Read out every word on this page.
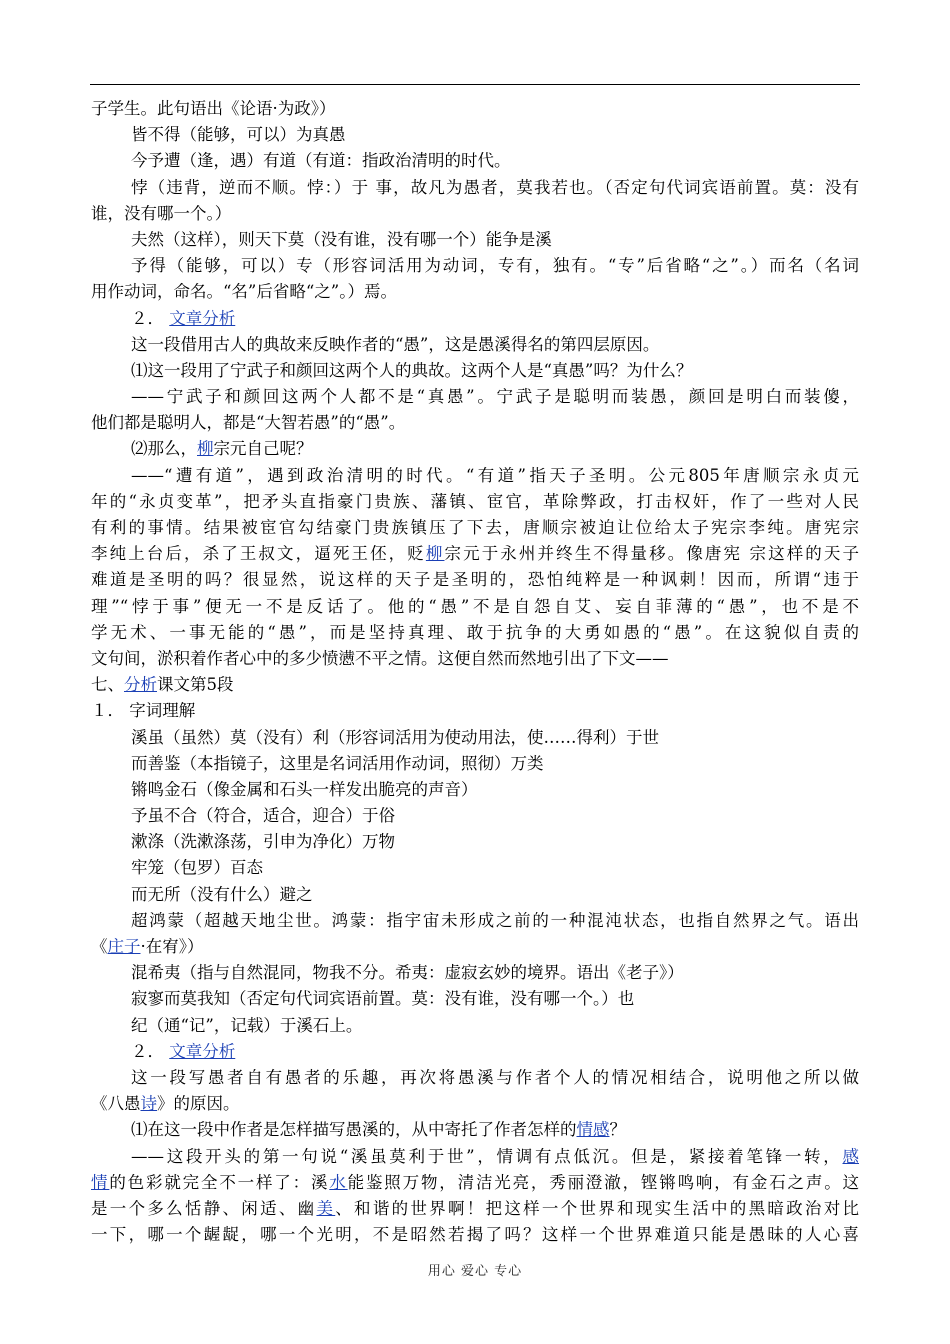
子学生。此句语出《论语·为政》）
皆不得（能够，可以）为真愚
今予遭（逢，遇）有道（有道：指政治清明的时代。
悖（违背，逆而不顺。悖：）于 事，故凡为愚者，莫我若也。（否定句代词宾语前置。莫：没有
谁，没有哪一个。）
夫然（这样），则天下莫（没有谁，没有哪一个）能争是溪
予得（能够，可以）专（形容词活用为动词，专有，独有。“专”后省略“之”。）而名（名词
用作动词，命名。“名”后省略“之”。）焉。
２． 文章分析
这一段借用古人的典故来反映作者的“愚”，这是愚溪得名的第四层原因。
⑴这一段用了宁武子和颜回这两个人的典故。这两个人是“真愚”吗？为什么？
——宁武子和颜回这两个人都不是“真愚”。宁武子是聪明而装愚，颜回是明白而装傻，
他们都是聪明人，都是“大智若愚”的“愚”。
⑵那么，柳宗元自己呢？
——“遭有道”，遇到政治清明的时代。“有道”指天子圣明。公元805年唐顺宗永贞元
年的“永贞变革”，把矛头直指豪门贵族、藩镇、宦官，革除弊政，打击权奸，作了一些对人民
有利的事情。结果被宦官勾结豪门贵族镇压了下去，唐顺宗被迫让位给太子宪宗李纯。唐宪宗
李纯上台后，杀了王叔文，逼死王伾，贬柳宗元于永州并终生不得量移。像唐宪 宗这样的天子
难道是圣明的吗？很显然，说这样的天子是圣明的，恐怕纯粹是一种讽刺！因而，所谓“违于
理”“悖于事”便无一不是反话了。他的“愚”不是自怨自艾、妄自菲薄的“愚”，也不是不
学无术、一事无能的“愚”，而是坚持真理、敢于抗争的大勇如愚的“愚”。在这貌似自责的
文句间，淤积着作者心中的多少愤懑不平之情。这便自然而然地引出了下文——
七、分析课文第5段
１． 字词理解
溪虽（虽然）莫（没有）利（形容词活用为使动用法，使……得利）于世
而善鉴（本指镜子，这里是名词活用作动词，照彻）万类
锵鸣金石（像金属和石头一样发出脆亮的声音）
予虽不合（符合，适合，迎合）于俗
漱涤（洗漱涤荡，引申为净化）万物
牢笼（包罗）百态
而无所（没有什么）避之
超鸿蒙（超越天地尘世。鸿蒙：指宇宙未形成之前的一种混沌状态，也指自然界之气。语出
《庄子·在宥》）
混希夷（指与自然混同，物我不分。希夷：虚寂玄妙的境界。语出《老子》）
寂寥而莫我知（否定句代词宾语前置。莫：没有谁，没有哪一个。）也
纪（通“记”，记载）于溪石上。
２． 文章分析
这一段写愚者自有愚者的乐趣，再次将愚溪与作者个人的情况相结合，说明他之所以做
《八愚诗》的原因。
⑴在这一段中作者是怎样描写愚溪的，从中寄托了作者怎样的情感？
——这段开头的第一句说“溪虽莫利于世”，情调有点低沉。但是，紧接着笔锋一转，感
情的色彩就完全不一样了：溪水能鉴照万物，清洁光亮，秀丽澄澈，铿锵鸣响，有金石之声。这
是一个多么恬静、闲适、幽美、和谐的世界啊！把这样一个世界和现实生活中的黑暗政治对比
一下，哪一个龌龊，哪一个光明，不是昭然若揭了吗？这样一个世界难道只能是愚昧的人心喜
用心 爱心 专心
